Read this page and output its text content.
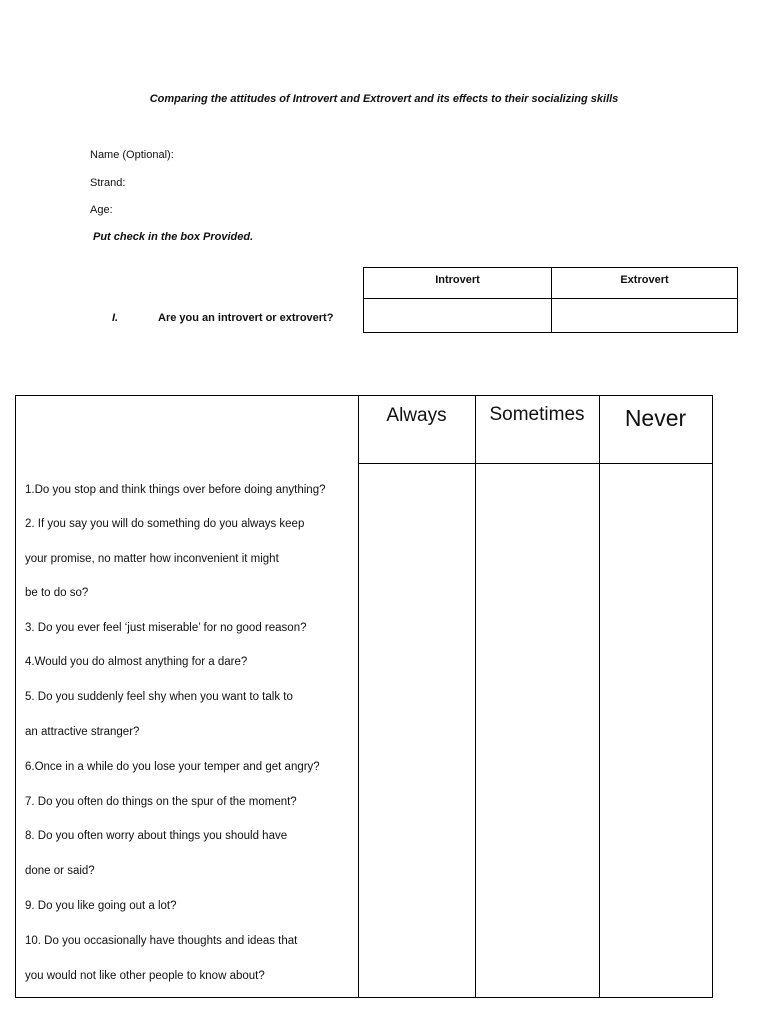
Comparing the attitudes of Introvert and Extrovert and its effects to their socializing skills
Name (Optional):
Strand:
Age:
Put check in the box Provided.
I.	Are you an introvert or extrovert?
Introvert	Extrovert
Always	Sometimes	Never
1.Do you stop and think things over before doing anything?
2. If you say you will do something do you always keep
your promise, no matter how inconvenient it might
be to do so?
3. Do you ever feel ‘just miserable’ for no good reason?
4.Would you do almost anything for a dare?
5. Do you suddenly feel shy when you want to talk to
an attractive stranger?
6.Once in a while do you lose your temper and get angry?
7. Do you often do things on the spur of the moment?
8. Do you often worry about things you should have
done or said?
9. Do you like going out a lot?
10. Do you occasionally have thoughts and ideas that
you would not like other people to know about?
